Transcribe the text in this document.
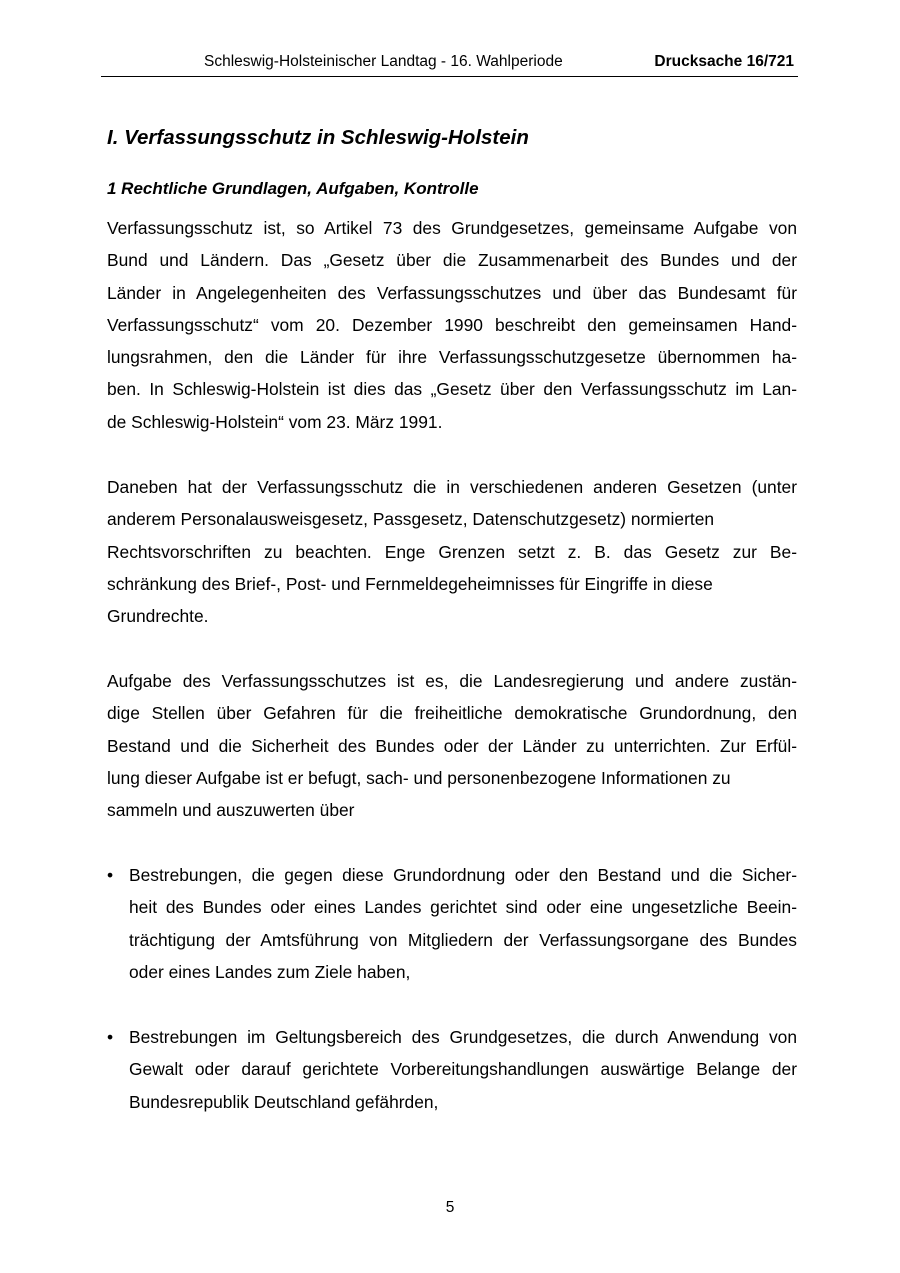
Schleswig-Holsteinischer Landtag - 16. Wahlperiode	Drucksache 16/721
I. Verfassungsschutz in Schleswig-Holstein
1 Rechtliche Grundlagen, Aufgaben, Kontrolle
Verfassungsschutz ist, so Artikel 73 des Grundgesetzes, gemeinsame Aufgabe von
Bund und Ländern. Das „Gesetz über die Zusammenarbeit des Bundes und der
Länder in Angelegenheiten des Verfassungsschutzes und über das Bundesamt für
Verfassungsschutz“ vom 20. Dezember 1990 beschreibt den gemeinsamen Hand-
lungsrahmen, den die Länder für ihre Verfassungsschutzgesetze übernommen ha-
ben. In Schleswig-Holstein ist dies das „Gesetz über den Verfassungsschutz im Lan-
de Schleswig-Holstein“ vom 23. März 1991.
Daneben hat der Verfassungsschutz die in verschiedenen anderen Gesetzen (unter
anderem Personalausweisgesetz, Passgesetz, Datenschutzgesetz) normierten
Rechtsvorschriften zu beachten. Enge Grenzen setzt z. B. das Gesetz zur Be-
schränkung des Brief-, Post- und Fernmeldegeheimnisses für Eingriffe in diese
Grundrechte.
Aufgabe des Verfassungsschutzes ist es, die Landesregierung und andere zustän-
dige Stellen über Gefahren für die freiheitliche demokratische Grundordnung, den
Bestand und die Sicherheit des Bundes oder der Länder zu unterrichten. Zur Erfül-
lung dieser Aufgabe ist er befugt, sach- und personenbezogene Informationen zu
sammeln und auszuwerten über
• Bestrebungen, die gegen diese Grundordnung oder den Bestand und die Sicher-
heit des Bundes oder eines Landes gerichtet sind oder eine ungesetzliche Beein-
trächtigung der Amtsführung von Mitgliedern der Verfassungsorgane des Bundes
oder eines Landes zum Ziele haben,
• Bestrebungen im Geltungsbereich des Grundgesetzes, die durch Anwendung von
Gewalt oder darauf gerichtete Vorbereitungshandlungen auswärtige Belange der
Bundesrepublik Deutschland gefährden,
5
